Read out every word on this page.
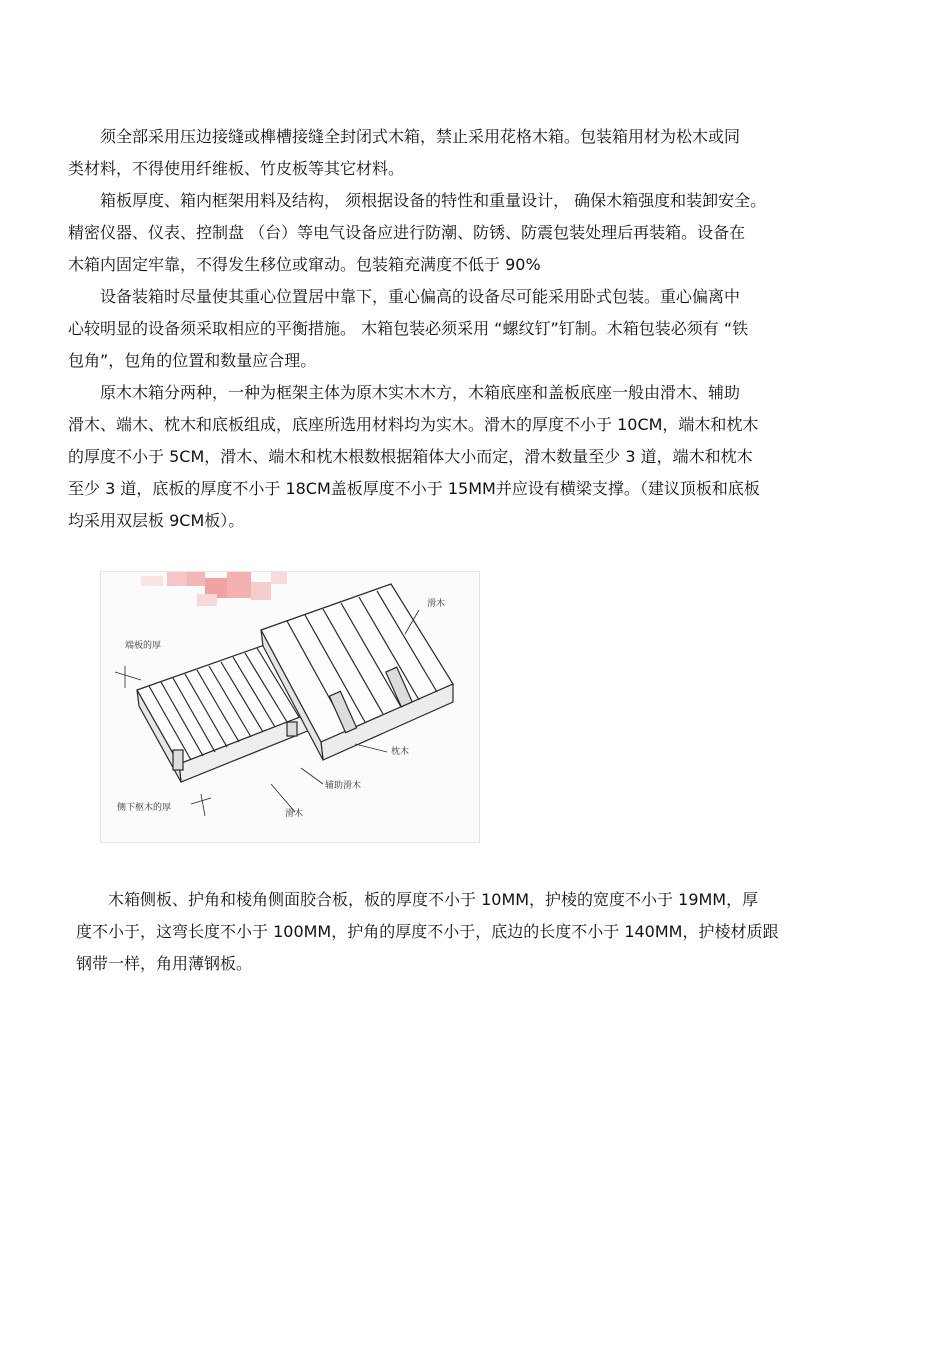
　　须全部采用压边接缝或榫槽接缝全封闭式木箱，禁止采用花格木箱。包装箱用材为松木或同
类材料，不得使用纤维板、竹皮板等其它材料。

　　箱板厚度、箱内框架用料及结构， 须根据设备的特性和重量设计， 确保木箱强度和装卸安全。
精密仪器、仪表、控制盘 （台）等电气设备应进行防潮、防锈、防震包装处理后再装箱。设备在
木箱内固定牢靠，不得发生移位或窜动。包装箱充满度不低于 90%

　　设备装箱时尽量使其重心位置居中靠下，重心偏高的设备尽可能采用卧式包装。重心偏离中
心较明显的设备须采取相应的平衡措施。 木箱包装必须采用 “螺纹钉”钉制。木箱包装必须有 “铁
包角”，包角的位置和数量应合理。

　　原木木箱分两种，一种为框架主体为原木实木木方，木箱底座和盖板底座一般由滑木、辅助
滑木、端木、枕木和底板组成，底座所选用材料均为实木。滑木的厚度不小于 10CM，端木和枕木
的厚度不小于 5CM，滑木、端木和枕木根数根据箱体大小而定，滑木数量至少 3 道，端木和枕木
至少 3 道，底板的厚度不小于 18CM盖板厚度不小于 15MM并应设有横梁支撑。（建议顶板和底板
均采用双层板 9CM板）。

滑木
端板的厚
枕木
辅助滑木
滑木
侧下枢木的厚

　　木箱侧板、护角和棱角侧面胶合板，板的厚度不小于 10MM，护棱的宽度不小于 19MM，厚
度不小于，这弯长度不小于 100MM，护角的厚度不小于，底边的长度不小于 140MM，护棱材质跟
钢带一样，角用薄钢板。
